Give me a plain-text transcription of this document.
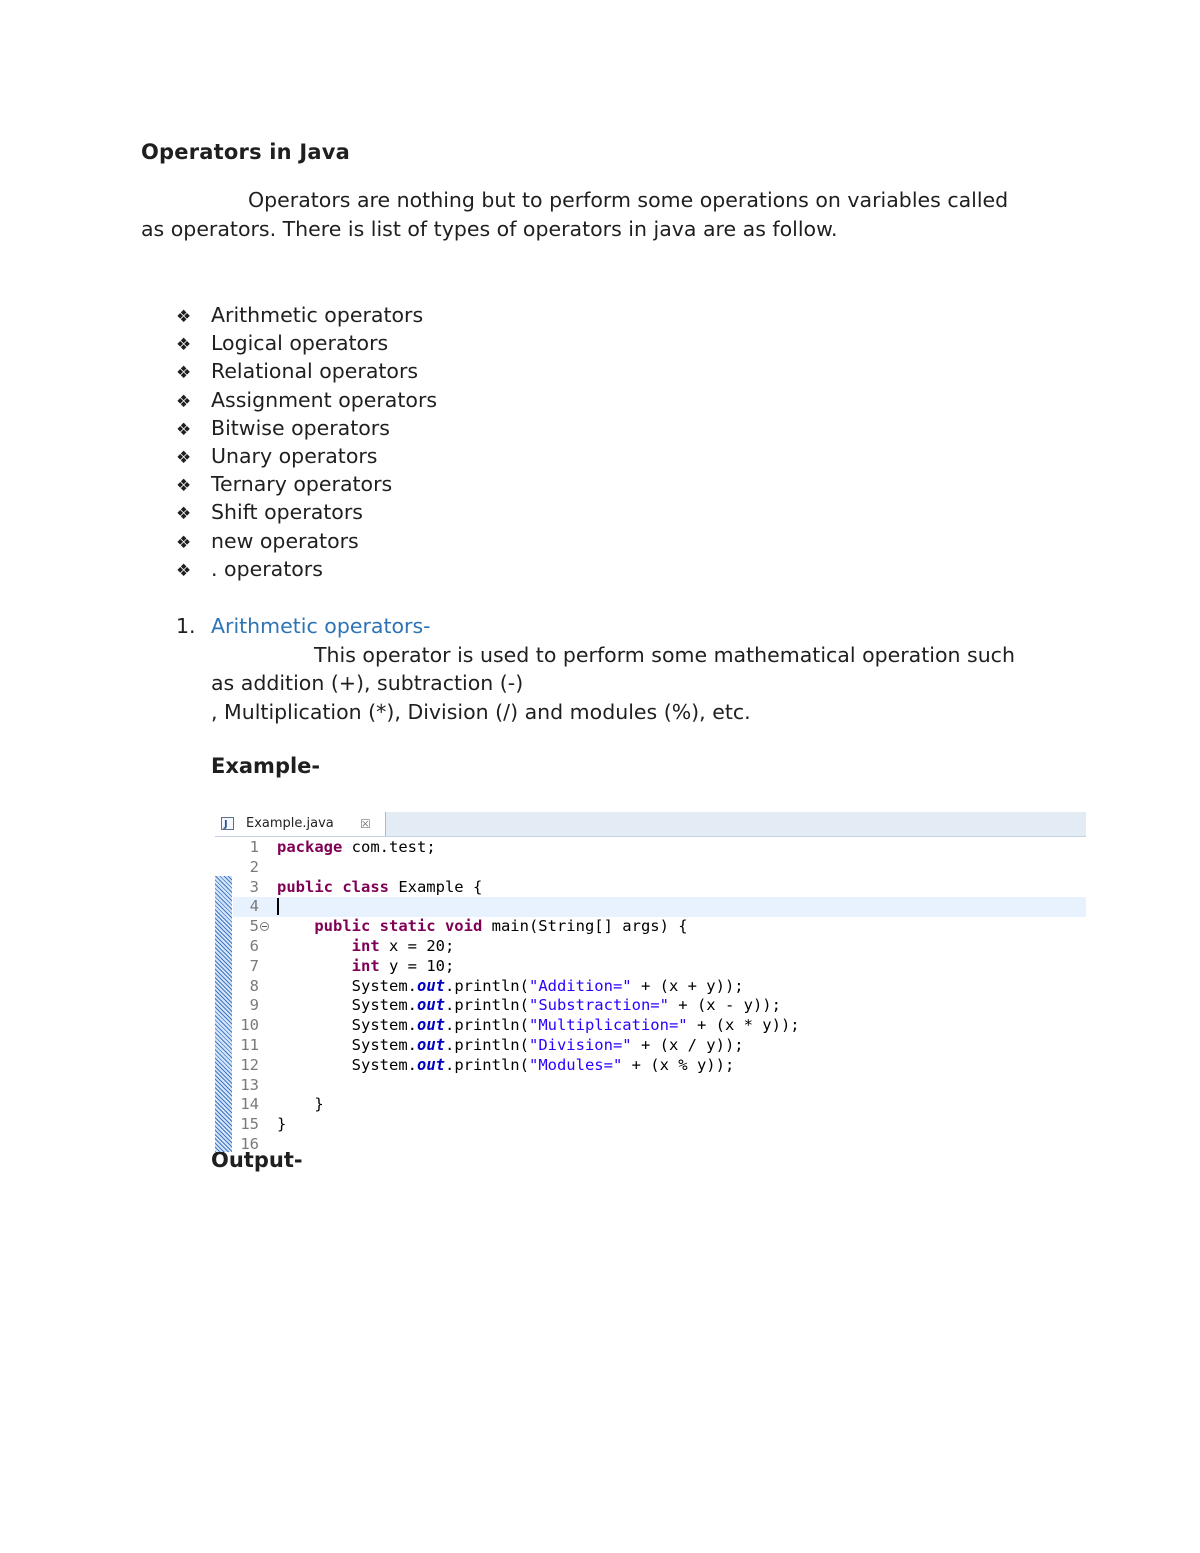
Operators in Java
Operators are nothing but to perform some operations on variables called
as operators. There is list of types of operators in java are as follow.
❖ Arithmetic operators
❖ Logical operators
❖ Relational operators
❖ Assignment operators
❖ Bitwise operators
❖ Unary operators
❖ Ternary operators
❖ Shift operators
❖ new operators
❖ . operators
1. Arithmetic operators-
This operator is used to perform some mathematical operation such
as addition (+), subtraction (-)
, Multiplication (*), Division (/) and modules (%), etc.
Example-
J
Example.java ☒
1 package com.test;
2
3 public class Example {
4
5	public static void main(String[] args) {
6	int x = 20;
7	int y = 10;
8	System.out.println("Addition=" + (x + y));
9	System.out.println("Substraction=" + (x - y));
10	System.out.println("Multiplication=" + (x * y));
11	System.out.println("Division=" + (x / y));
12	System.out.println("Modules=" + (x % y));
13
14	}
15 }
16
Output-
